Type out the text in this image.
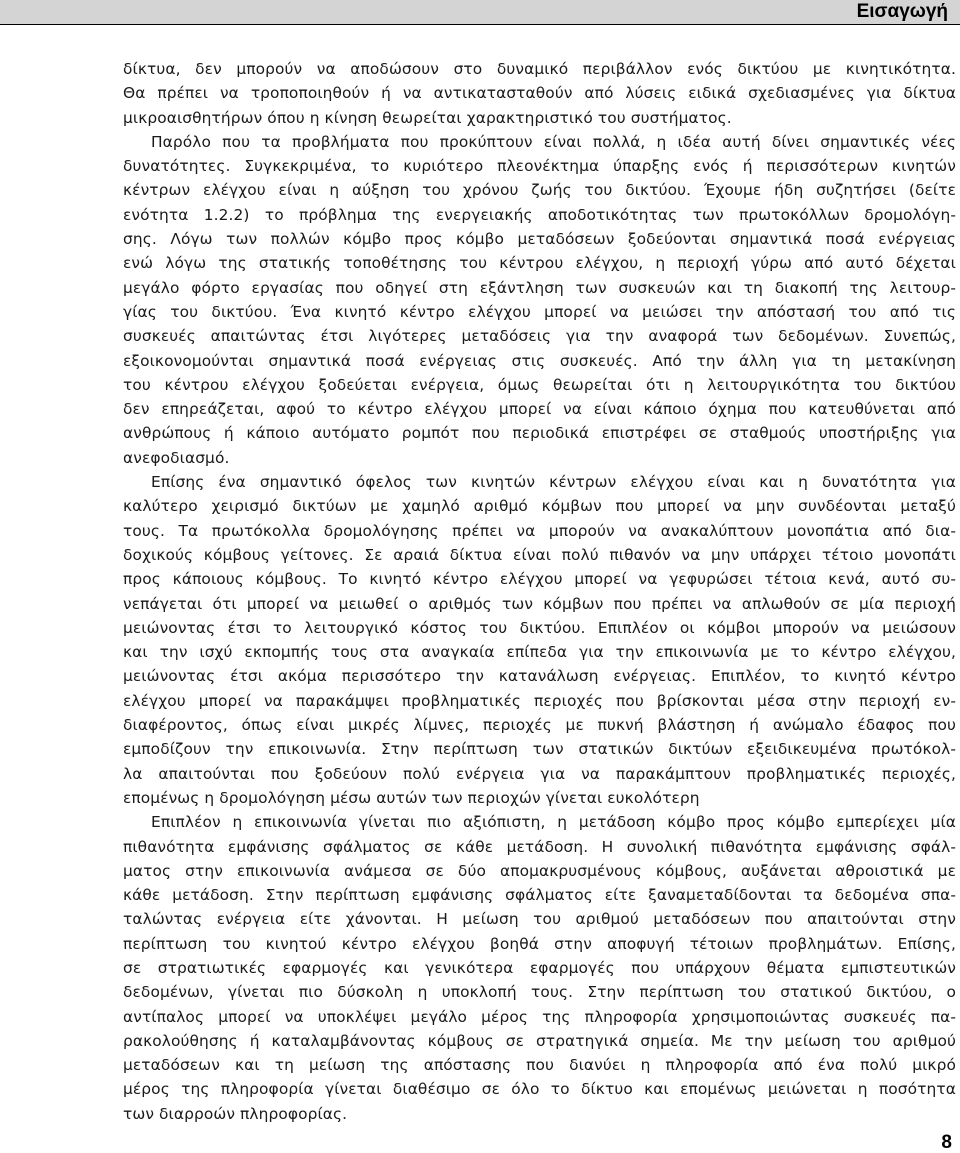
Εισαγωγή

δίκτυα, δεν μπορούν να αποδώσουν στο δυναμικό περιβάλλον ενός δικτύου με κινητικότητα.
Θα πρέπει να τροποποιηθούν ή να αντικατασταθούν από λύσεις ειδικά σχεδιασμένες για δίκτυα
μικροαισθητήρων όπου η κίνηση θεωρείται χαρακτηριστικό του συστήματος.

Παρόλο που τα προβλήματα που προκύπτουν είναι πολλά, η ιδέα αυτή δίνει σημαντικές νέες
δυνατότητες. Συγκεκριμένα, το κυριότερο πλεονέκτημα ύπαρξης ενός ή περισσότερων κινητών
κέντρων ελέγχου είναι η αύξηση του χρόνου ζωής του δικτύου. Έχουμε ήδη συζητήσει (δείτε
ενότητα 1.2.2) το πρόβλημα της ενεργειακής αποδοτικότητας των πρωτοκόλλων δρομολόγη-
σης. Λόγω των πολλών κόμβο προς κόμβο μεταδόσεων ξοδεύονται σημαντικά ποσά ενέργειας
ενώ λόγω της στατικής τοποθέτησης του κέντρου ελέγχου, η περιοχή γύρω από αυτό δέχεται
μεγάλο φόρτο εργασίας που οδηγεί στη εξάντληση των συσκευών και τη διακοπή της λειτουρ-
γίας του δικτύου. Ένα κινητό κέντρο ελέγχου μπορεί να μειώσει την απόστασή του από τις
συσκευές απαιτώντας έτσι λιγότερες μεταδόσεις για την αναφορά των δεδομένων. Συνεπώς,
εξοικονομούνται σημαντικά ποσά ενέργειας στις συσκευές. Από την άλλη για τη μετακίνηση
του κέντρου ελέγχου ξοδεύεται ενέργεια, όμως θεωρείται ότι η λειτουργικότητα του δικτύου
δεν επηρεάζεται, αφού το κέντρο ελέγχου μπορεί να είναι κάποιο όχημα που κατευθύνεται από
ανθρώπους ή κάποιο αυτόματο ρομπότ που περιοδικά επιστρέφει σε σταθμούς υποστήριξης για
ανεφοδιασμό.

Επίσης ένα σημαντικό όφελος των κινητών κέντρων ελέγχου είναι και η δυνατότητα για
καλύτερο χειρισμό δικτύων με χαμηλό αριθμό κόμβων που μπορεί να μην συνδέονται μεταξύ
τους. Τα πρωτόκολλα δρομολόγησης πρέπει να μπορούν να ανακαλύπτουν μονοπάτια από δια-
δοχικούς κόμβους γείτονες. Σε αραιά δίκτυα είναι πολύ πιθανόν να μην υπάρχει τέτοιο μονοπάτι
προς κάποιους κόμβους. Το κινητό κέντρο ελέγχου μπορεί να γεφυρώσει τέτοια κενά, αυτό συ-
νεπάγεται ότι μπορεί να μειωθεί ο αριθμός των κόμβων που πρέπει να απλωθούν σε μία περιοχή
μειώνοντας έτσι το λειτουργικό κόστος του δικτύου. Επιπλέον οι κόμβοι μπορούν να μειώσουν
και την ισχύ εκπομπής τους στα αναγκαία επίπεδα για την επικοινωνία με το κέντρο ελέγχου,
μειώνοντας έτσι ακόμα περισσότερο την κατανάλωση ενέργειας. Επιπλέον, το κινητό κέντρο
ελέγχου μπορεί να παρακάμψει προβληματικές περιοχές που βρίσκονται μέσα στην περιοχή εν-
διαφέροντος, όπως είναι μικρές λίμνες, περιοχές με πυκνή βλάστηση ή ανώμαλο έδαφος που
εμποδίζουν την επικοινωνία. Στην περίπτωση των στατικών δικτύων εξειδικευμένα πρωτόκολ-
λα απαιτούνται που ξοδεύουν πολύ ενέργεια για να παρακάμπτουν προβληματικές περιοχές,
επομένως η δρομολόγηση μέσω αυτών των περιοχών γίνεται ευκολότερη

Επιπλέον η επικοινωνία γίνεται πιο αξιόπιστη, η μετάδοση κόμβο προς κόμβο εμπερίεχει μία
πιθανότητα εμφάνισης σφάλματος σε κάθε μετάδοση. Η συνολική πιθανότητα εμφάνισης σφάλ-
ματος στην επικοινωνία ανάμεσα σε δύο απομακρυσμένους κόμβους, αυξάνεται αθροιστικά με
κάθε μετάδοση. Στην περίπτωση εμφάνισης σφάλματος είτε ξαναμεταδίδονται τα δεδομένα σπα-
ταλώντας ενέργεια είτε χάνονται. Η μείωση του αριθμού μεταδόσεων που απαιτούνται στην
περίπτωση του κινητού κέντρο ελέγχου βοηθά στην αποφυγή τέτοιων προβλημάτων. Επίσης,
σε στρατιωτικές εφαρμογές και γενικότερα εφαρμογές που υπάρχουν θέματα εμπιστευτικών
δεδομένων, γίνεται πιο δύσκολη η υποκλοπή τους. Στην περίπτωση του στατικού δικτύου, ο
αντίπαλος μπορεί να υποκλέψει μεγάλο μέρος της πληροφορία χρησιμοποιώντας συσκευές πα-
ρακολούθησης ή καταλαμβάνοντας κόμβους σε στρατηγικά σημεία. Με την μείωση του αριθμού
μεταδόσεων και τη μείωση της απόστασης που διανύει η πληροφορία από ένα πολύ μικρό
μέρος της πληροφορία γίνεται διαθέσιμο σε όλο το δίκτυο και επομένως μειώνεται η ποσότητα
των διαρροών πληροφορίας.

8
